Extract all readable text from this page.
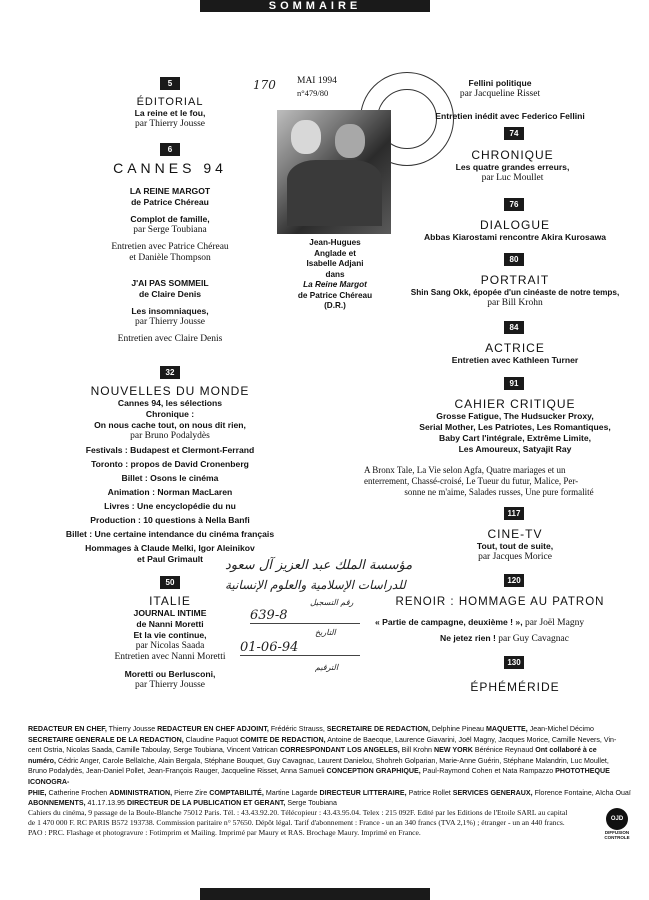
SOMMAIRE
5
ÉDITORIAL
La reine et le fou,
par Thierry Jousse
6
CANNES 94
LA REINE MARGOT
de Patrice Chéreau
Complot de famille,
par Serge Toubiana
Entretien avec Patrice Chéreau
et Danièle Thompson
J'AI PAS SOMMEIL
de Claire Denis
Les insomniaques,
par Thierry Jousse
Entretien avec Claire Denis
32
NOUVELLES DU MONDE
Cannes 94, les sélections
Chronique :
On nous cache tout, on nous dit rien,
par Bruno Podalydès
Festivals : Budapest et Clermont-Ferrand
Toronto : propos de David Cronenberg
Billet : Osons le cinéma
Animation : Norman MacLaren
Livres : Une encyclopédie du nu
Production : 10 questions à Nella Banfi
Billet : Une certaine intendance du cinéma français
Hommages à Claude Melki, Igor Aleinikov
et Paul Grimault
50
ITALIE
JOURNAL INTIME
de Nanni Moretti
Et la vie continue,
par Nicolas Saada
Entretien avec Nanni Moretti
Moretti ou Berlusconi,
par Thierry Jousse
170 MAI 1994
n°479/80
Jean-Hugues
Anglade et
Isabelle Adjani
dans
La Reine Margot
de Patrice Chéreau
(D.R.)
Fellini politique
par Jacqueline Risset
Entretien inédit avec Federico Fellini
74
CHRONIQUE
Les quatre grandes erreurs,
par Luc Moullet
76
DIALOGUE
Abbas Kiarostami rencontre Akira Kurosawa
80
PORTRAIT
Shin Sang Okk, épopée d'un cinéaste de notre temps,
par Bill Krohn
84
ACTRICE
Entretien avec Kathleen Turner
91
CAHIER CRITIQUE
Grosse Fatigue, The Hudsucker Proxy,
Serial Mother, Les Patriotes, Les Romantiques,
Baby Cart l'intégrale, Extrême Limite,
Les Amoureux, Satyajit Ray
A Bronx Tale, La Vie selon Agfa, Quatre mariages et un
enterrement, Chassé-croisé, Le Tueur du futur, Malice, Per-
sonne ne m'aime, Salades russes, Une pure formalité
117
CINE-TV
Tout, tout de suite,
par Jacques Morice
120
RENOIR : HOMMAGE AU PATRON
« Partie de campagne, deuxième ! », par Joël Magny
Ne jetez rien ! par Guy Cavagnac
130
ÉPHÉMÉRIDE
مؤسسة الملك عبد العزيز آل سعود
للدراسات الإسلامية والعلوم الإنسانية
رقم التسجيل
639-8
التاريخ
01-06-94
الترقيم
REDACTEUR EN CHEF, Thierry Jousse REDACTEUR EN CHEF ADJOINT, Frédéric Strauss, SECRETAIRE DE REDACTION, Delphine Pineau MAQUETTE, Jean-Michel Décimo
SECRETAIRE GENERALE DE LA REDACTION, Claudine Paquot COMITE DE REDACTION, Antoine de Baecque, Laurence Giavarini, Joël Magny, Jacques Morice, Camille Nevers, Vin-
cent Ostria, Nicolas Saada, Camille Taboulay, Serge Toubiana, Vincent Vatrican CORRESPONDANT LOS ANGELES, Bill Krohn NEW YORK Bérénice Reynaud Ont collaboré à ce
numéro, Cédric Anger, Carole Bellaïche, Alain Bergala, Stéphane Bouquet, Guy Cavagnac, Laurent Danielou, Shohreh Golparian, Marie-Anne Guérin, Stéphane Malandrin, Luc Moullet,
Bruno Podalydès, Jean-Daniel Pollet, Jean-François Rauger, Jacqueline Risset, Anna Samueli CONCEPTION GRAPHIQUE, Paul-Raymond Cohen et Nata Rampazzo PHOTOTHEQUE ICONOGRA-
PHIE, Catherine Frochen ADMINISTRATION, Pierre Zire COMPTABILITÉ, Martine Lagarde DIRECTEUR LITTERAIRE, Patrice Rollet SERVICES GENERAUX, Florence Fontaine, Aïcha Ouaï
ABONNEMENTS, 41.17.13.95 DIRECTEUR DE LA PUBLICATION ET GERANT, Serge Toubiana
Cahiers du cinéma, 9 passage de la Boule-Blanche 75012 Paris. Tél. : 43.43.92.20. Télécopieur : 43.43.95.04. Telex : 215 092F. Edité par les Editions de l'Etoile SARL au capital
de 1 470 000 F. RC PARIS B572 193738. Commission paritaire n° 57650. Dépôt légal. Tarif d'abonnement : France - un an 340 francs (TVA 2,1%) ; étranger - un an 440 francs.
PAO : PRC. Flashage et photogravure : Fotimprim et Mailing. Imprimé par Maury et RAS. Brochage Maury. Imprimé en France.
OJD
DIFFUSION
CONTROLE
